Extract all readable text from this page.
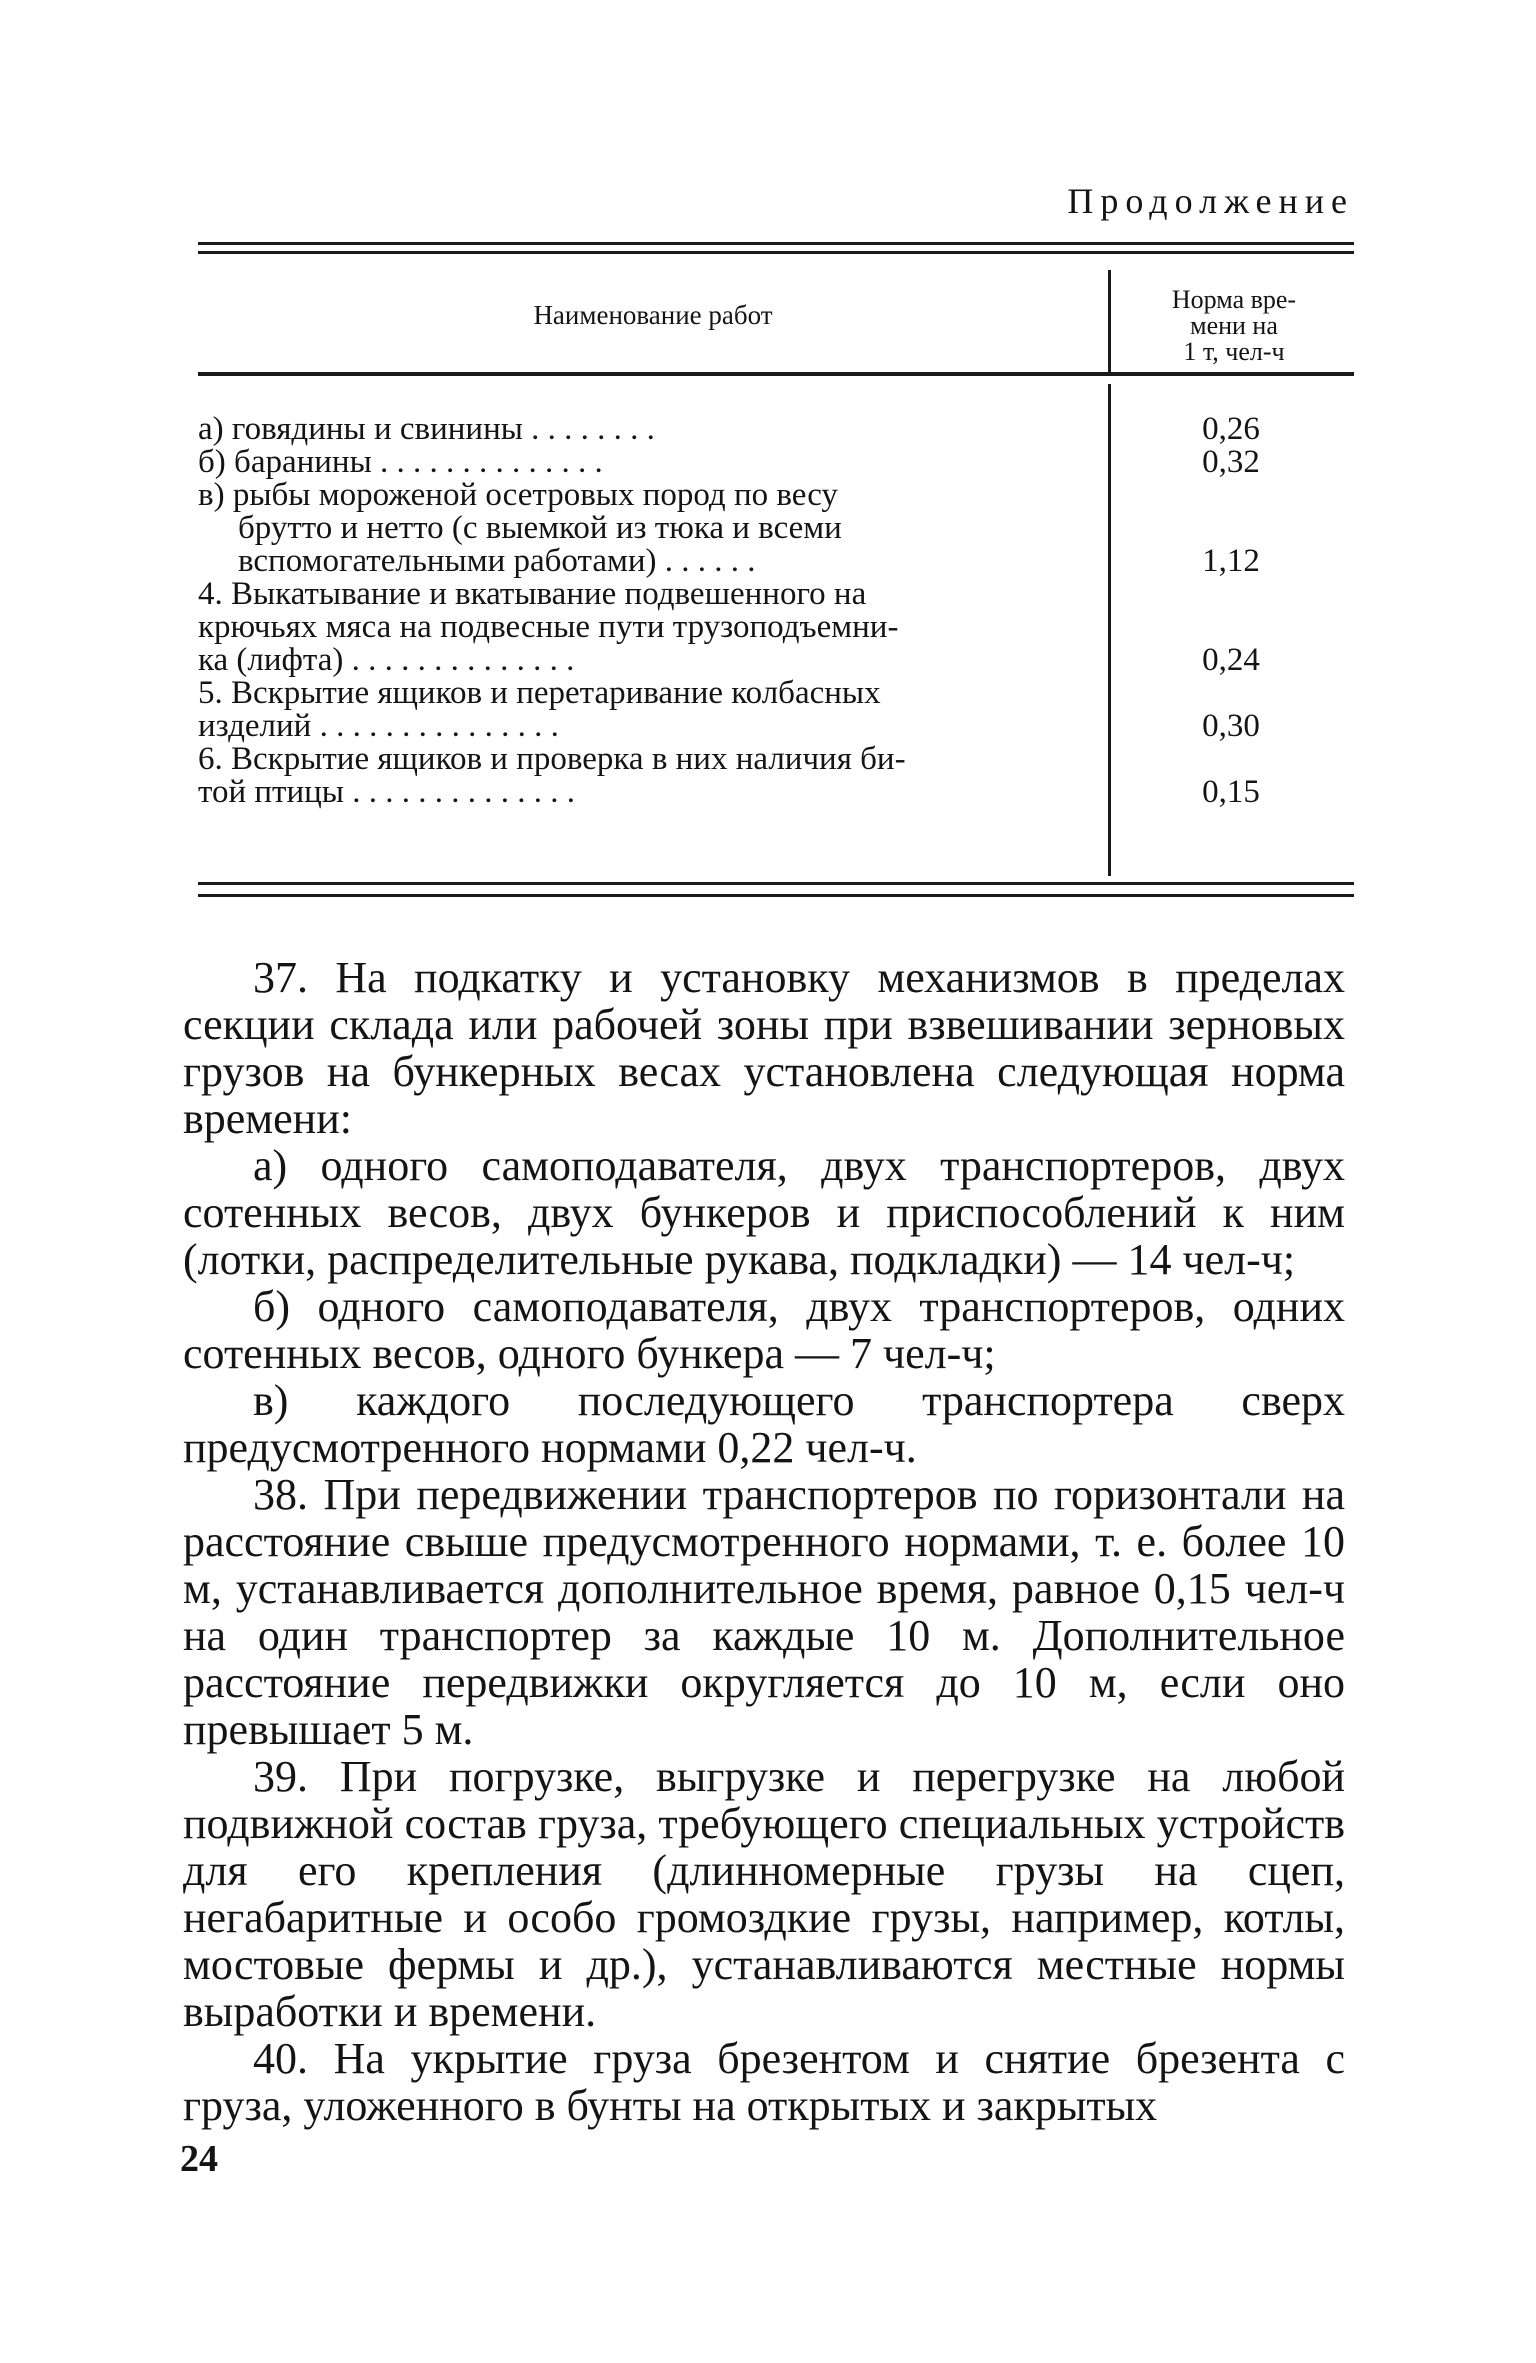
Продолжение
Наименование работ
Норма вре-
мени на
1 т, чел-ч
а) говядины и свинины . . . . . . . .	0,26
б) баранины . . . . . . . . . . . . . .	0,32
в) рыбы мороженой осетровых пород по весу
брутто и нетто (с выемкой из тюка и всеми
вспомогательными работами) . . . . . .	1,12
4. Выкатывание и вкатывание подвешенного на
крючьях мяса на подвесные пути трузоподъемни-
ка (лифта) . . . . . . . . . . . . . .	0,24
5. Вскрытие ящиков и перетаривание колбасных
изделий . . . . . . . . . . . . . . .	0,30
6. Вскрытие ящиков и проверка в них наличия би-
той птицы . . . . . . . . . . . . . .	0,15

37. На подкатку и установку механизмов в пределах секции склада или рабочей зоны при взвешивании зерновых грузов на бункерных весах установлена следующая норма времени:

а) одного самоподавателя, двух транспортеров, двух сотенных весов, двух бункеров и приспособлений к ним (лотки, распределительные рукава, подкладки) — 14 чел-ч;

б) одного самоподавателя, двух транспортеров, одних сотенных весов, одного бункера — 7 чел-ч;

в) каждого последующего транспортера сверх предусмотренного нормами 0,22 чел-ч.

38. При передвижении транспортеров по горизонтали на расстояние свыше предусмотренного нормами, т. е. более 10 м, устанавливается дополнительное время, равное 0,15 чел-ч на один транспортер за каждые 10 м. Дополнительное расстояние передвижки округляется до 10 м, если оно превышает 5 м.

39. При погрузке, выгрузке и перегрузке на любой подвижной состав груза, требующего специальных устройств для его крепления (длинномерные грузы на сцеп, негабаритные и особо громоздкие грузы, например, котлы, мостовые фермы и др.), устанавливаются местные нормы выработки и времени.

40. На укрытие груза брезентом и снятие брезента с груза, уложенного в бунты на открытых и закрытых

24
